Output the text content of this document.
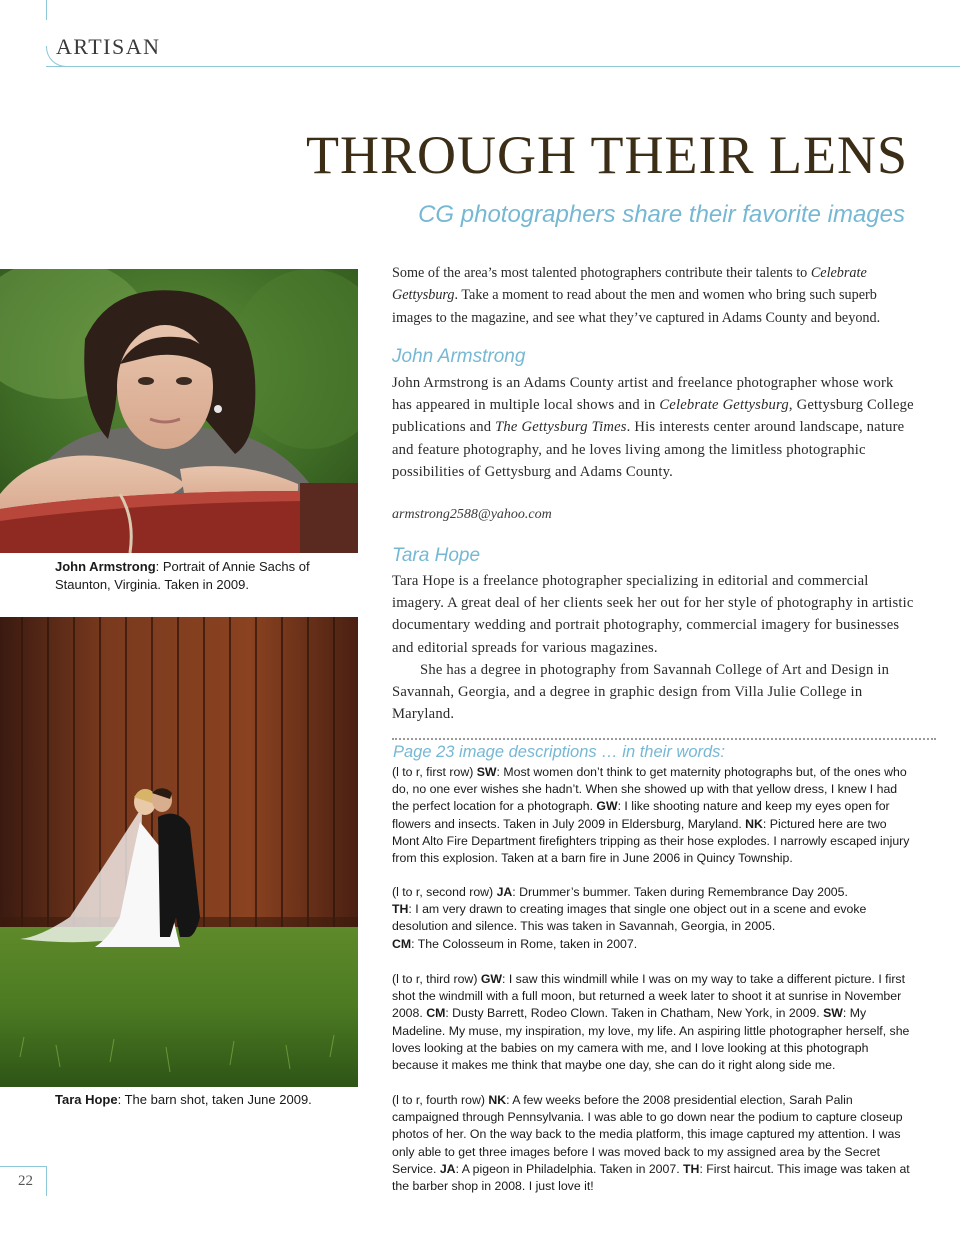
ARTISAN
THROUGH THEIR LENS
CG photographers share their favorite images
Some of the area’s most talented photographers contribute their talents to Celebrate Gettysburg. Take a moment to read about the men and women who bring such superb images to the magazine, and see what they’ve captured in Adams County and beyond.
John Armstrong: Portrait of Annie Sachs of Staunton, Virginia. Taken in 2009.
John Armstrong
John Armstrong is an Adams County artist and freelance photographer whose work has appeared in multiple local shows and in Celebrate Gettysburg, Gettysburg College publications and The Gettysburg Times. His interests center around landscape, nature and feature photography, and he loves living among the limitless photographic possibilities of Gettysburg and Adams County.
armstrong2588@yahoo.com
Tara Hope
Tara Hope is a freelance photographer specializing in editorial and commercial imagery. A great deal of her clients seek her out for her style of photography in artistic documentary wedding and portrait photography, commercial imagery for businesses and editorial spreads for various magazines.
She has a degree in photography from Savannah College of Art and Design in Savannah, Georgia, and a degree in graphic design from Villa Julie College in Maryland.
Tara Hope: The barn shot, taken June 2009.
Page 23 image descriptions … in their words:
(l to r, first row) SW: Most women don’t think to get maternity photographs but, of the ones who do, no one ever wishes she hadn’t. When she showed up with that yellow dress, I knew I had the perfect location for a photograph. GW: I like shooting nature and keep my eyes open for flowers and insects. Taken in July 2009 in Eldersburg, Maryland. NK: Pictured here are two Mont Alto Fire Department firefighters tripping as their hose explodes. I narrowly escaped injury from this explosion. Taken at a barn fire in June 2006 in Quincy Township.
(l to r, second row) JA: Drummer’s bummer. Taken during Remembrance Day 2005.
TH: I am very drawn to creating images that single one object out in a scene and evoke desolution and silence. This was taken in Savannah, Georgia, in 2005.
CM: The Colosseum in Rome, taken in 2007.
(l to r, third row) GW: I saw this windmill while I was on my way to take a different picture. I first shot the windmill with a full moon, but returned a week later to shoot it at sunrise in November 2008. CM: Dusty Barrett, Rodeo Clown. Taken in Chatham, New York, in 2009. SW: My Madeline. My muse, my inspiration, my love, my life. An aspiring little photographer herself, she loves looking at the babies on my camera with me, and I love looking at this photograph because it makes me think that maybe one day, she can do it right along side me.
(l to r, fourth row) NK: A few weeks before the 2008 presidential election, Sarah Palin campaigned through Pennsylvania. I was able to go down near the podium to capture closeup photos of her. On the way back to the media platform, this image captured my attention. I was only able to get three images before I was moved back to my assigned area by the Secret Service. JA: A pigeon in Philadelphia. Taken in 2007. TH: First haircut. This image was taken at the barber shop in 2008. I just love it!
22
